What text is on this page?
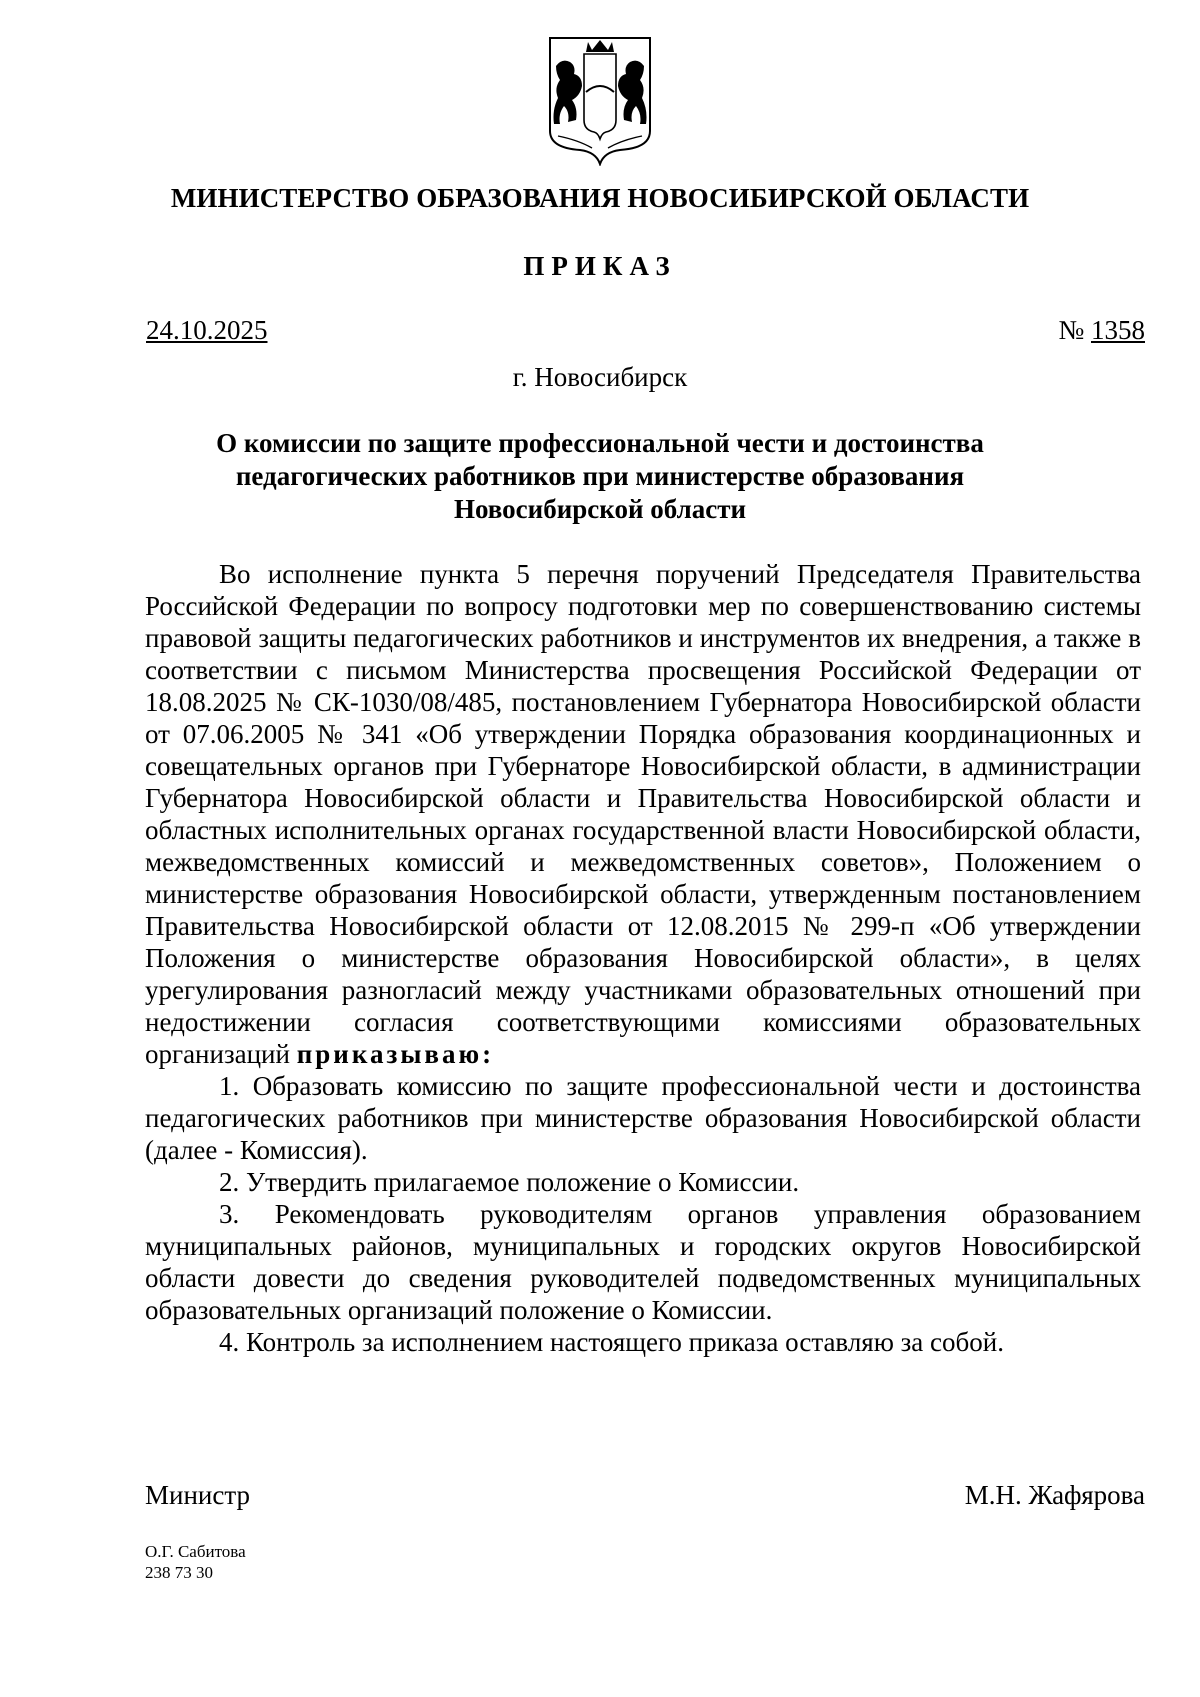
МИНИСТЕРСТВО ОБРАЗОВАНИЯ НОВОСИБИРСКОЙ ОБЛАСТИ
ПРИКАЗ
24.10.2025	№ 1358
г. Новосибирск
О комиссии по защите профессиональной чести и достоинства
педагогических работников при министерстве образования
Новосибирской области

Во исполнение пункта 5 перечня поручений Председателя Правительства Российской Федерации по вопросу подготовки мер по совершенствованию системы правовой защиты педагогических работников и инструментов их внедрения, а также в соответствии с письмом Министерства просвещения Российской Федерации от 18.08.2025 № СК-1030/08/485, постановлением Губернатора Новосибирской области от 07.06.2005 № 341 «Об утверждении Порядка образования координационных и совещательных органов при Губернаторе Новосибирской области, в администрации Губернатора Новосибирской области и Правительства Новосибирской области и областных исполнительных органах государственной власти Новосибирской области, межведомственных комиссий и межведомственных советов», Положением о министерстве образования Новосибирской области, утвержденным постановлением Правительства Новосибирской области от 12.08.2015 № 299-п «Об утверждении Положения о министерстве образования Новосибирской области», в целях урегулирования разногласий между участниками образовательных отношений при недостижении согласия соответствующими комиссиями образовательных организаций приказываю:

1. Образовать комиссию по защите профессиональной чести и достоинства педагогических работников при министерстве образования Новосибирской области (далее - Комиссия).

2. Утвердить прилагаемое положение о Комиссии.

3. Рекомендовать руководителям органов управления образованием муниципальных районов, муниципальных и городских округов Новосибирской области довести до сведения руководителей подведомственных муниципальных образовательных организаций положение о Комиссии.

4. Контроль за исполнением настоящего приказа оставляю за собой.

Министр	М.Н. Жафярова
О.Г. Сабитова
238 73 30
